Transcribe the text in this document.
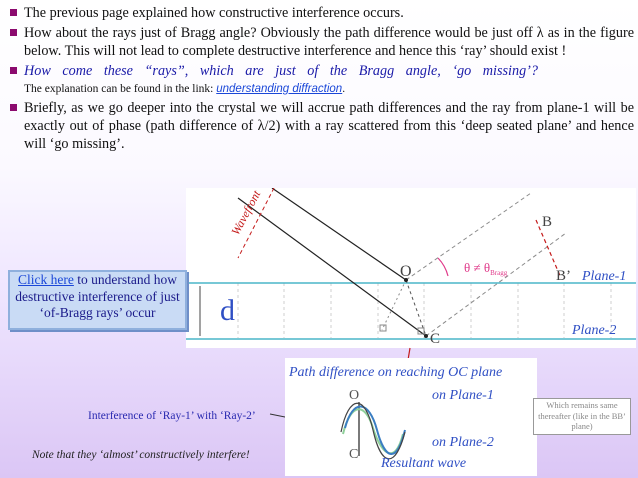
The previous page explained how constructive interference occurs.
How about the rays just of Bragg angle? Obviously the path difference would be just off λ as in the figure below. This will not lead to complete destructive interference and hence this ‘ray’ should exist !
How come these “rays”, which are just of the Bragg angle, ‘go missing’?
The explanation can be found in the link: understanding diffraction.
Briefly, as we go deeper into the crystal we will accrue path differences and the ray from plane-1 will be exactly out of phase (path difference of λ/2) with a ray scattered from this ‘deep seated plane’ and hence will ‘go missing’.
Wavefront	B
O	$\theta \ne \theta_{Bragg}$	B’ Plane-1
d
C
Plane-2
Click here to understand how destructive interference of just ‘of-Bragg rays’ occur
Path difference on reaching OC plane
O
C
on Plane-1
on Plane-2
Resultant wave
Interference of ‘Ray-1’ with ‘Ray-2’
Note that they ‘almost’ constructively interfere!
Which remains same thereafter (like in the BB’ plane)
